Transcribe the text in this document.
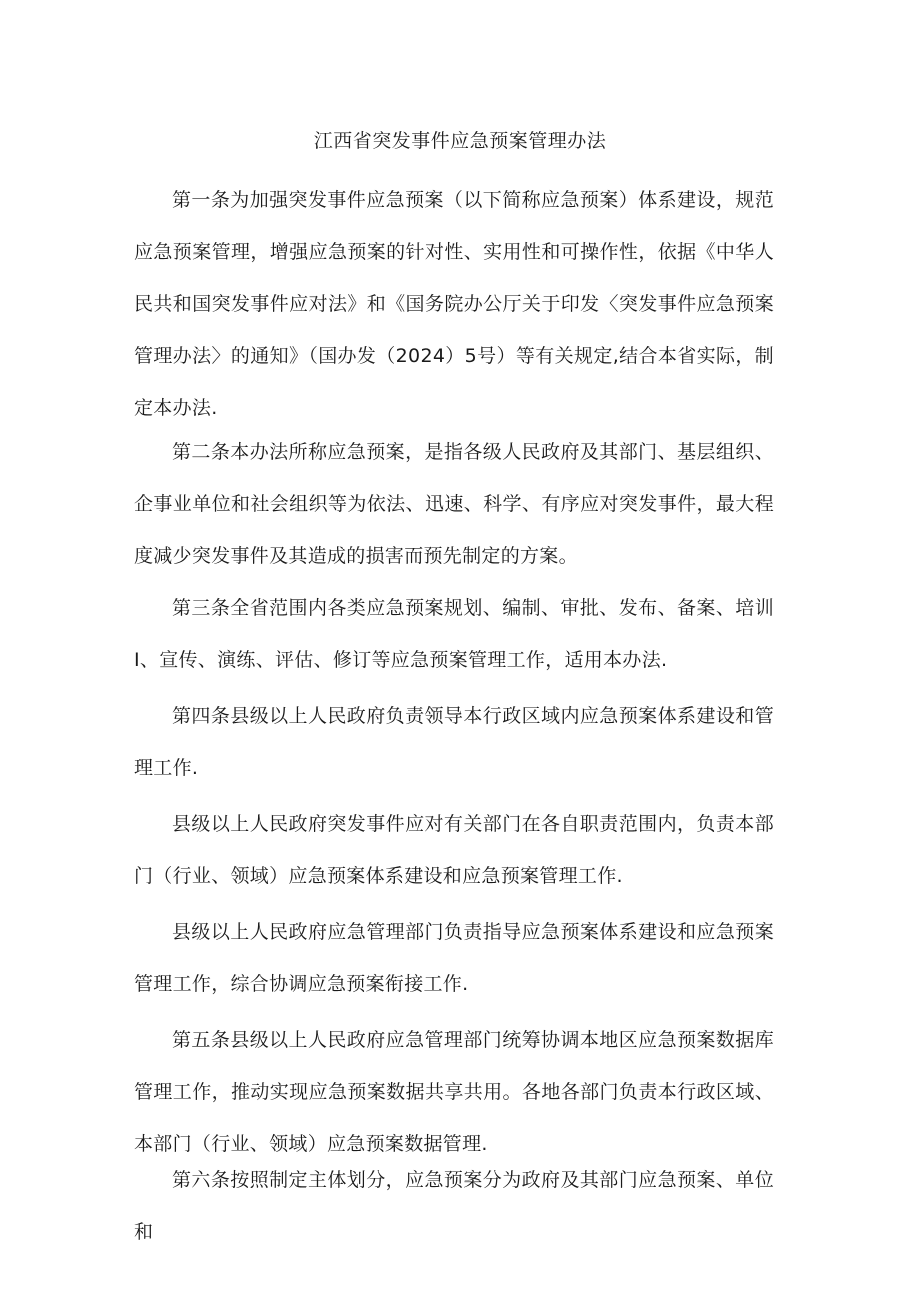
江西省突发事件应急预案管理办法

第一条为加强突发事件应急预案（以下简称应急预案）体系建设，规范应急预案管理，增强应急预案的针对性、实用性和可操作性，依据《中华人民共和国突发事件应对法》和《国务院办公厅关于印发〈突发事件应急预案管理办法〉的通知》（国办发（2024）5号）等有关规定,结合本省实际，制定本办法.

第二条本办法所称应急预案，是指各级人民政府及其部门、基层组织、企事业单位和社会组织等为依法、迅速、科学、有序应对突发事件，最大程度减少突发事件及其造成的损害而预先制定的方案。

第三条全省范围内各类应急预案规划、编制、审批、发布、备案、培训I、宣传、演练、评估、修订等应急预案管理工作，适用本办法.

第四条县级以上人民政府负责领导本行政区域内应急预案体系建设和管理工作.

县级以上人民政府突发事件应对有关部门在各自职责范围内，负责本部门（行业、领域）应急预案体系建设和应急预案管理工作.

县级以上人民政府应急管理部门负责指导应急预案体系建设和应急预案管理工作，综合协调应急预案衔接工作.

第五条县级以上人民政府应急管理部门统筹协调本地区应急预案数据库管理工作，推动实现应急预案数据共享共用。各地各部门负责本行政区域、本部门（行业、领域）应急预案数据管理.

第六条按照制定主体划分，应急预案分为政府及其部门应急预案、单位和
